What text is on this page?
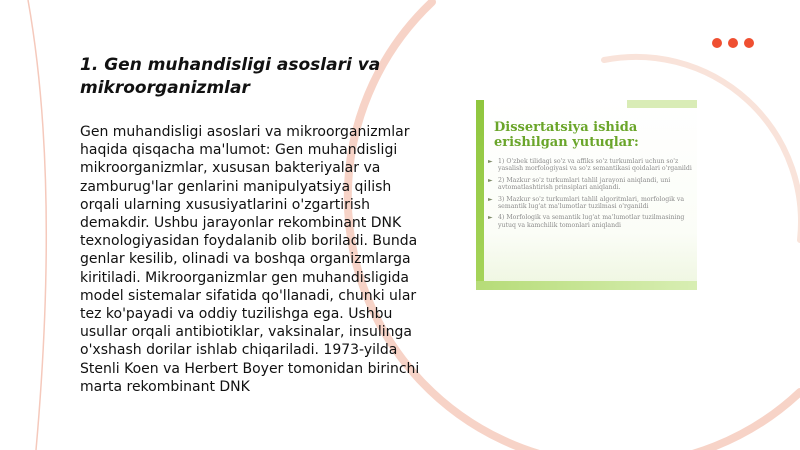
1. Gen muhandisligi asoslari va mikroorganizmlar

Gen muhandisligi asoslari va mikroorganizmlar haqida qisqacha ma'lumot: Gen muhandisligi mikroorganizmlar, xususan bakteriyalar va zamburug'lar genlarini manipulyatsiya qilish orqali ularning xususiyatlarini o'zgartirish demakdir. Ushbu jarayonlar rekombinant DNK texnologiyasidan foydalanib olib boriladi. Bunda genlar kesilib, olinadi va boshqa organizmlarga kiritiladi. Mikroorganizmlar gen muhandisligida model sistemalar sifatida qo'llanadi, chunki ular tez ko'payadi va oddiy tuzilishga ega. Ushbu usullar orqali antibiotiklar, vaksinalar, insulinga o'xshash dorilar ishlab chiqariladi. 1973-yilda Stenli Koen va Herbert Boyer tomonidan birinchi marta rekombinant DNK

Dissertatsiya ishida erishilgan yutuqlar:

► 1) O'zbek tilidagi so'z va affiks so'z turkumlari uchun so'z yasalish morfologiyasi va so'z semantikasi qoidalari o'rganildi
► 2) Mazkur so'z turkumlari tahlil jarayoni aniqlandi, uni avtomatlashtirish prinsiplari aniqlandi.
► 3) Mazkur so'z turkumlari tahlil algoritmlari, morfologik va semantik lug'at ma'lumotlar tuzilmasi o'rganildi
► 4) Morfologik va semantik lug'at ma'lumotlar tuzilmasining yutuq va kamchilik tomonlari aniqlandi
